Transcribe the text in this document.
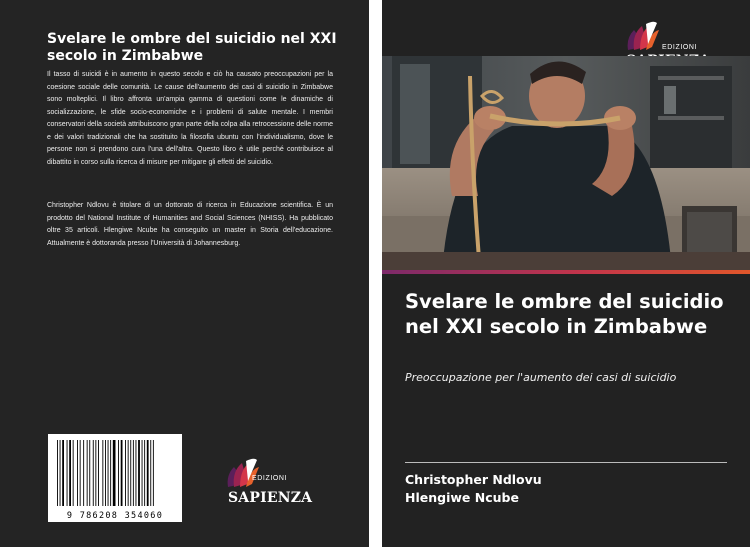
Svelare le ombre del suicidio nel XXI secolo in Zimbabwe

Il tasso di suicidi è in aumento in questo secolo e ciò ha causato preoccupazioni per la coesione sociale delle comunità. Le cause dell'aumento dei casi di suicidio in Zimbabwe sono molteplici. Il libro affronta un'ampia gamma di questioni come le dinamiche di socializzazione, le sfide socio-economiche e i problemi di salute mentale. I membri conservatori della società attribuiscono gran parte della colpa alla retrocessione delle norme e dei valori tradizionali che ha sostituito la filosofia ubuntu con l'individualismo, dove le persone non si prendono cura l'una dell'altra. Questo libro è utile perché contribuisce al dibattito in corso sulla ricerca di misure per mitigare gli effetti del suicidio.

Christopher Ndlovu è titolare di un dottorato di ricerca in Educazione scientifica. È un prodotto del National Institute of Humanities and Social Sciences (NHISS). Ha pubblicato oltre 35 articoli. Hlengiwe Ncube ha conseguito un master in Storia dell'educazione. Attualmente è dottoranda presso l'Università di Johannesburg.

9 786208 354060
EDIZIONI
SAPIENZA
EDIZIONI
Svelare le ombre del suicidio nel XXI secolo in Zimbabwe

Preoccupazione per l'aumento dei casi di suicidio

Christopher Ndlovu

Hlengiwe Ncube
